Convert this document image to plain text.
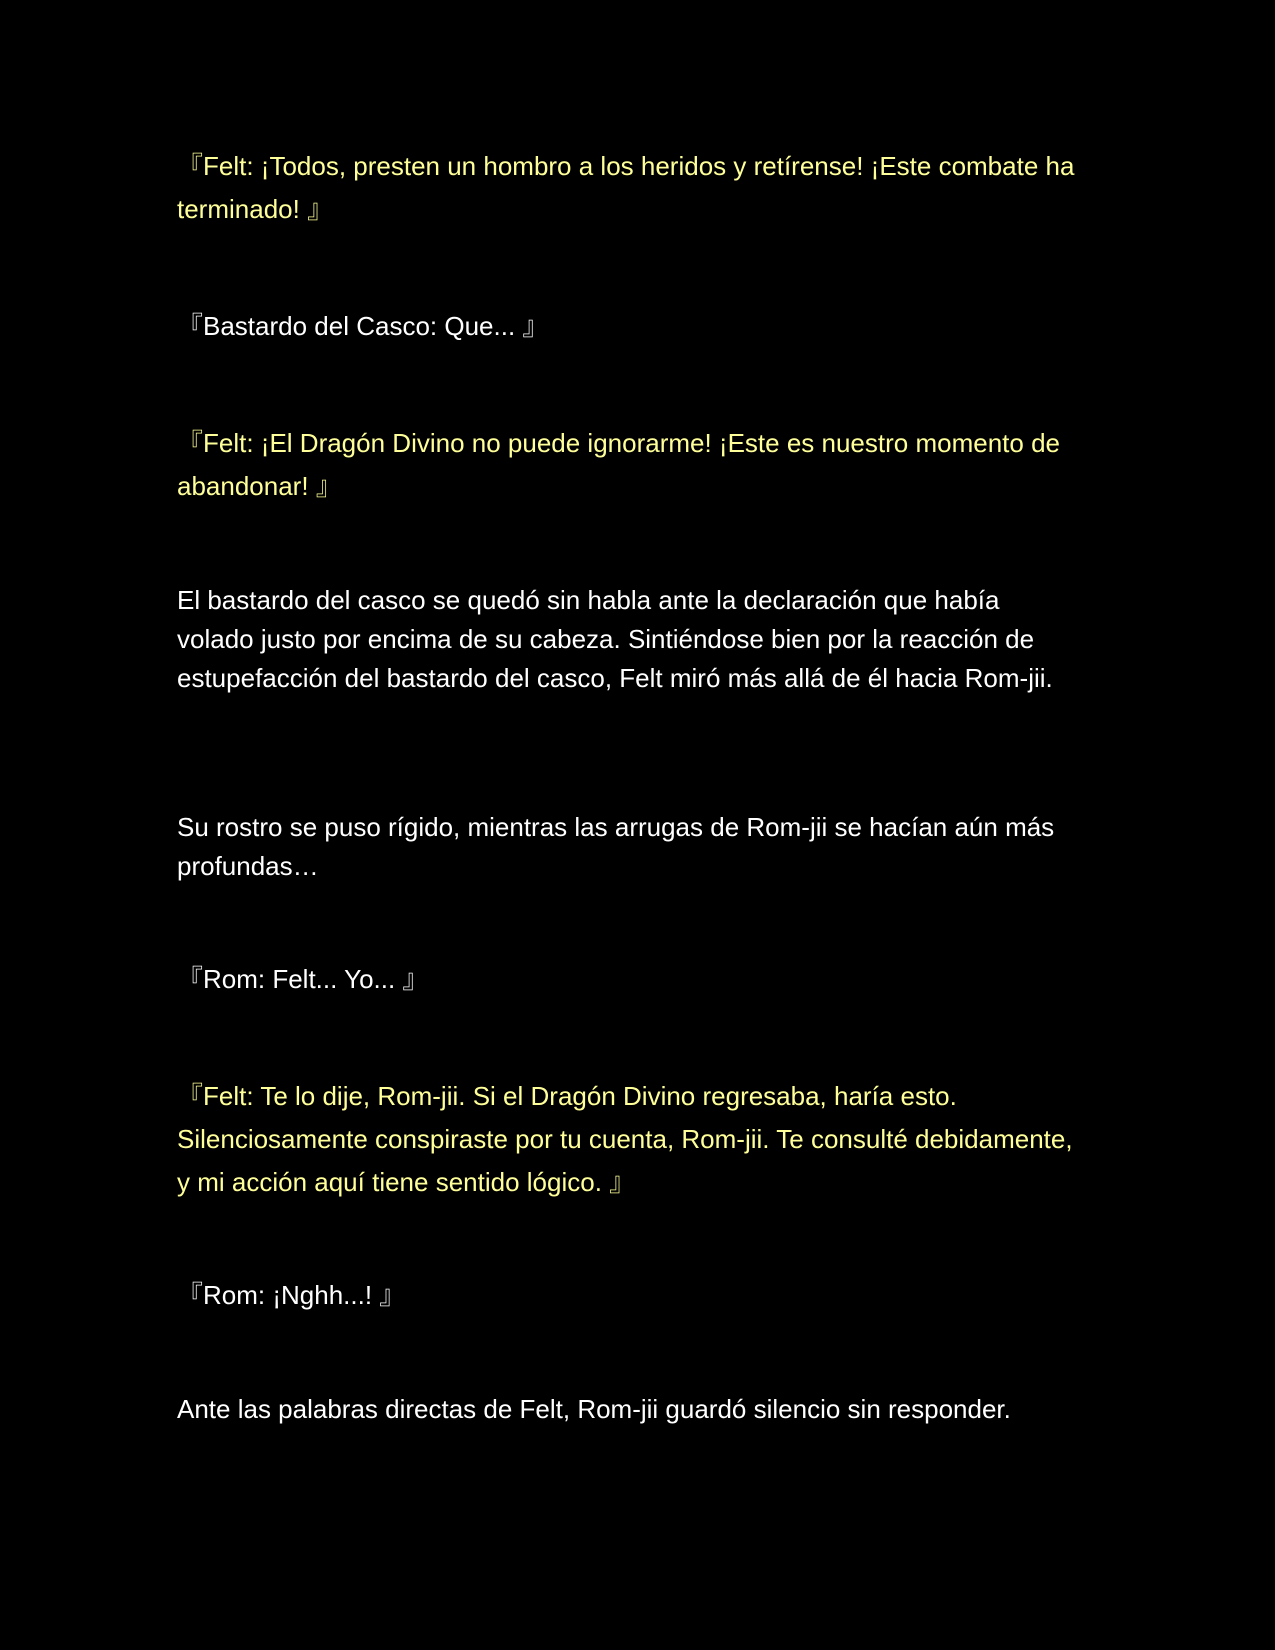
『Felt: ¡Todos, presten un hombro a los heridos y retírense! ¡Este combate ha terminado! 』

『Bastardo del Casco: Que... 』

『Felt: ¡El Dragón Divino no puede ignorarme! ¡Este es nuestro momento de abandonar! 』

El bastardo del casco se quedó sin habla ante la declaración que había volado justo por encima de su cabeza. Sintiéndose bien por la reacción de estupefacción del bastardo del casco, Felt miró más allá de él hacia Rom-jii.

Su rostro se puso rígido, mientras las arrugas de Rom-jii se hacían aún más profundas…

『Rom: Felt... Yo... 』

『Felt: Te lo dije, Rom-jii. Si el Dragón Divino regresaba, haría esto. Silenciosamente conspiraste por tu cuenta, Rom-jii. Te consulté debidamente, y mi acción aquí tiene sentido lógico. 』

『Rom: ¡Nghh...! 』

Ante las palabras directas de Felt, Rom-jii guardó silencio sin responder.
